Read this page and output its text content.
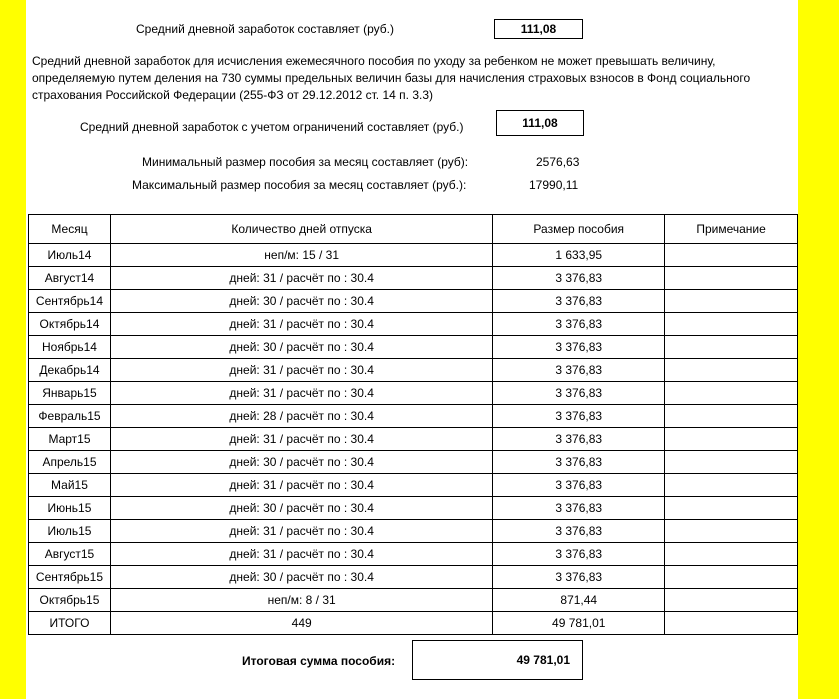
Средний дневной заработок составляет (руб.)	111,08
Средний дневной заработок для исчисления ежемесячного пособия по уходу за ребенком не может превышать величину, определяемую путем деления на 730 суммы предельных величин базы для начисления страховых взносов в Фонд социального страхования Российской Федерации (255-ФЗ от 29.12.2012 ст. 14 п. 3.3)
Средний дневной заработок с учетом ограничений составляет (руб.)	111,08
Минимальный размер пособия за месяц составляет (руб):	2576,63
Максимальный размер пособия за месяц составляет (руб.):	17990,11
Месяц	Количество дней отпуска	Размер пособия	Примечание
Июль14	неп/м: 15 / 31	1 633,95	
Август14	дней: 31 / расчёт по : 30.4	3 376,83	
Сентябрь14	дней: 30 / расчёт по : 30.4	3 376,83	
Октябрь14	дней: 31 / расчёт по : 30.4	3 376,83	
Ноябрь14	дней: 30 / расчёт по : 30.4	3 376,83	
Декабрь14	дней: 31 / расчёт по : 30.4	3 376,83	
Январь15	дней: 31 / расчёт по : 30.4	3 376,83	
Февраль15	дней: 28 / расчёт по : 30.4	3 376,83	
Март15	дней: 31 / расчёт по : 30.4	3 376,83	
Апрель15	дней: 30 / расчёт по : 30.4	3 376,83	
Май15	дней: 31 / расчёт по : 30.4	3 376,83	
Июнь15	дней: 30 / расчёт по : 30.4	3 376,83	
Июль15	дней: 31 / расчёт по : 30.4	3 376,83	
Август15	дней: 31 / расчёт по : 30.4	3 376,83	
Сентябрь15	дней: 30 / расчёт по : 30.4	3 376,83	
Октябрь15	неп/м: 8 / 31	871,44	
ИТОГО	449	49 781,01	
Итоговая сумма пособия:	49 781,01
